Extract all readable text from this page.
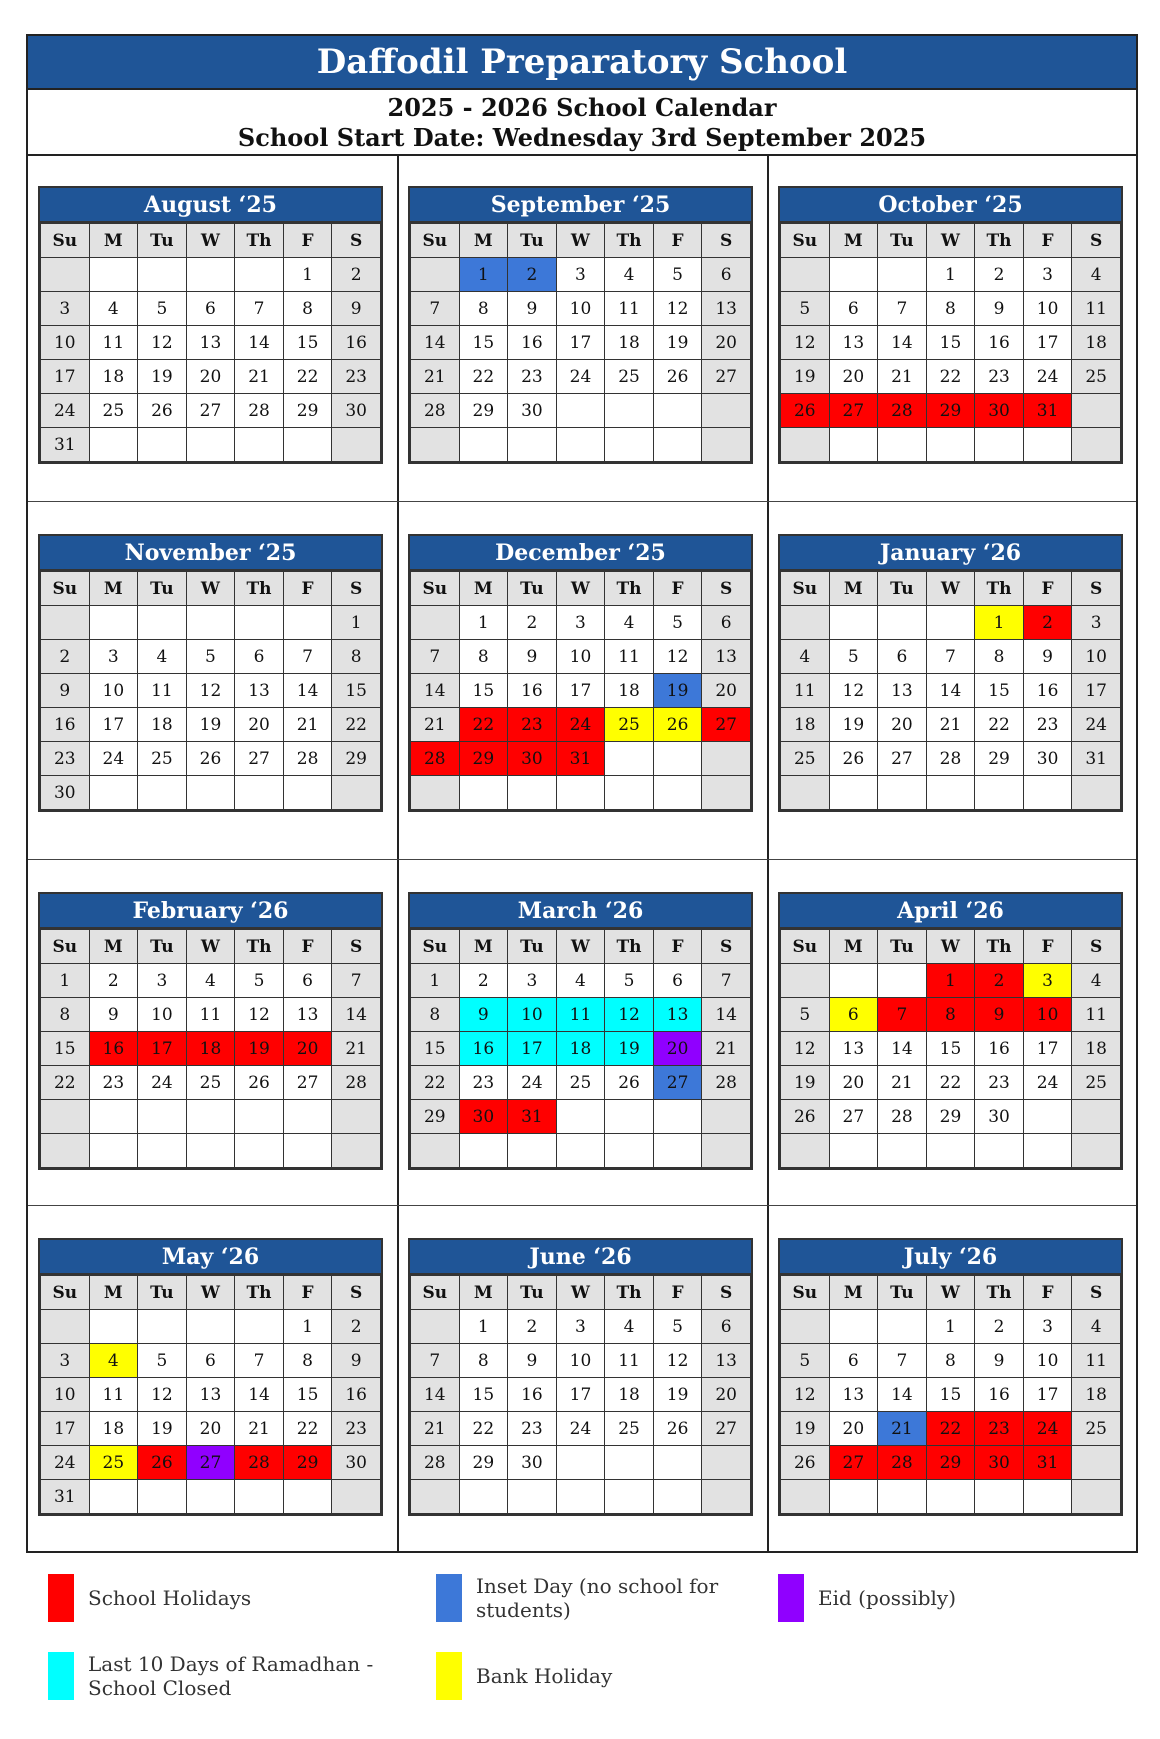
Daffodil Preparatory School
2025 - 2026 School Calendar
School Start Date: Wednesday 3rd September 2025
August ‘25
Su	M	Tu	W	Th	F	S
					1	2
3	4	5	6	7	8	9
10	11	12	13	14	15	16
17	18	19	20	21	22	23
24	25	26	27	28	29	30
31						
September ‘25
Su	M	Tu	W	Th	F	S
	1	2	3	4	5	6
7	8	9	10	11	12	13
14	15	16	17	18	19	20
21	22	23	24	25	26	27
28	29	30				

October ‘25
Su	M	Tu	W	Th	F	S
			1	2	3	4
5	6	7	8	9	10	11
12	13	14	15	16	17	18
19	20	21	22	23	24	25
26	27	28	29	30	31	

November ‘25
Su	M	Tu	W	Th	F	S
						1
2	3	4	5	6	7	8
9	10	11	12	13	14	15
16	17	18	19	20	21	22
23	24	25	26	27	28	29
30						
December ‘25
Su	M	Tu	W	Th	F	S
	1	2	3	4	5	6
7	8	9	10	11	12	13
14	15	16	17	18	19	20
21	22	23	24	25	26	27
28	29	30	31			

January ‘26
Su	M	Tu	W	Th	F	S
				1	2	3
4	5	6	7	8	9	10
11	12	13	14	15	16	17
18	19	20	21	22	23	24
25	26	27	28	29	30	31

February ‘26
Su	M	Tu	W	Th	F	S
1	2	3	4	5	6	7
8	9	10	11	12	13	14
15	16	17	18	19	20	21
22	23	24	25	26	27	28

March ‘26
Su	M	Tu	W	Th	F	S
1	2	3	4	5	6	7
8	9	10	11	12	13	14
15	16	17	18	19	20	21
22	23	24	25	26	27	28
29	30	31				

April ‘26
Su	M	Tu	W	Th	F	S
			1	2	3	4
5	6	7	8	9	10	11
12	13	14	15	16	17	18
19	20	21	22	23	24	25
26	27	28	29	30		

May ‘26
Su	M	Tu	W	Th	F	S
					1	2
3	4	5	6	7	8	9
10	11	12	13	14	15	16
17	18	19	20	21	22	23
24	25	26	27	28	29	30
31						
June ‘26
Su	M	Tu	W	Th	F	S
	1	2	3	4	5	6
7	8	9	10	11	12	13
14	15	16	17	18	19	20
21	22	23	24	25	26	27
28	29	30				

July ‘26
Su	M	Tu	W	Th	F	S
			1	2	3	4
5	6	7	8	9	10	11
12	13	14	15	16	17	18
19	20	21	22	23	24	25
26	27	28	29	30	31	

School Holidays	Inset Day (no school for students)	Eid (possibly)
Last 10 Days of Ramadhan - School Closed	Bank Holiday
